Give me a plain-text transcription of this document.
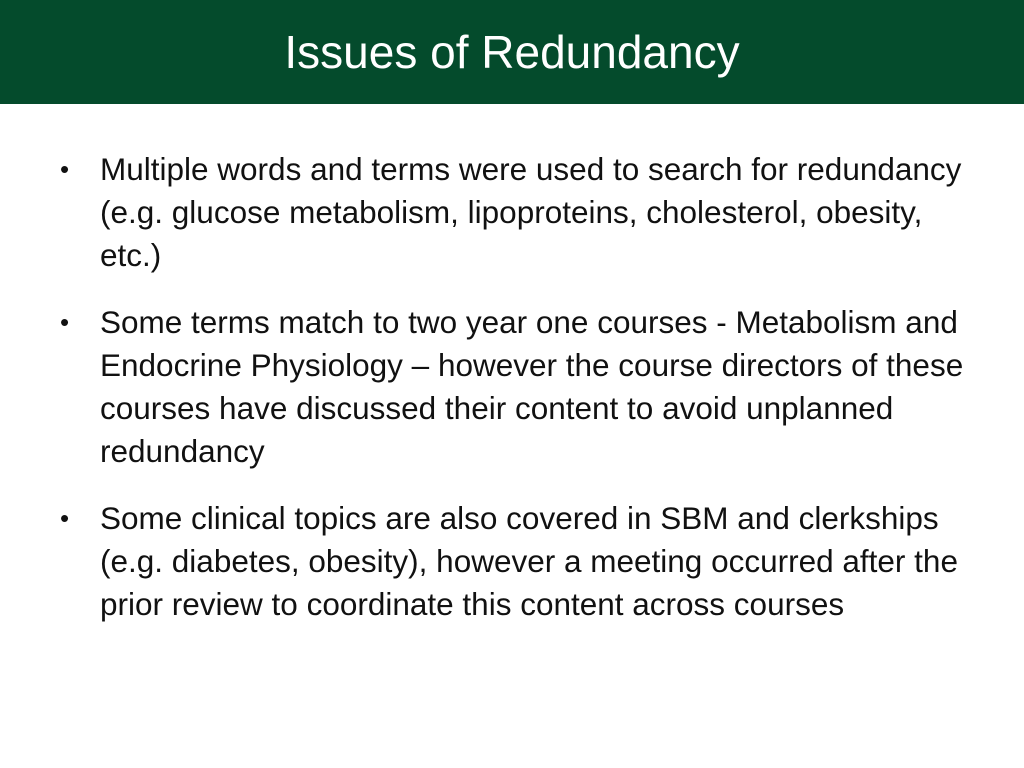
Issues of Redundancy
• Multiple words and terms were used to search for redundancy (e.g. glucose metabolism, lipoproteins, cholesterol, obesity, etc.)
• Some terms match to two year one courses - Metabolism and Endocrine Physiology – however the course directors of these courses have discussed their content to avoid unplanned redundancy
• Some clinical topics are also covered in SBM and clerkships (e.g. diabetes, obesity), however a meeting occurred after the prior review to coordinate this content across courses
